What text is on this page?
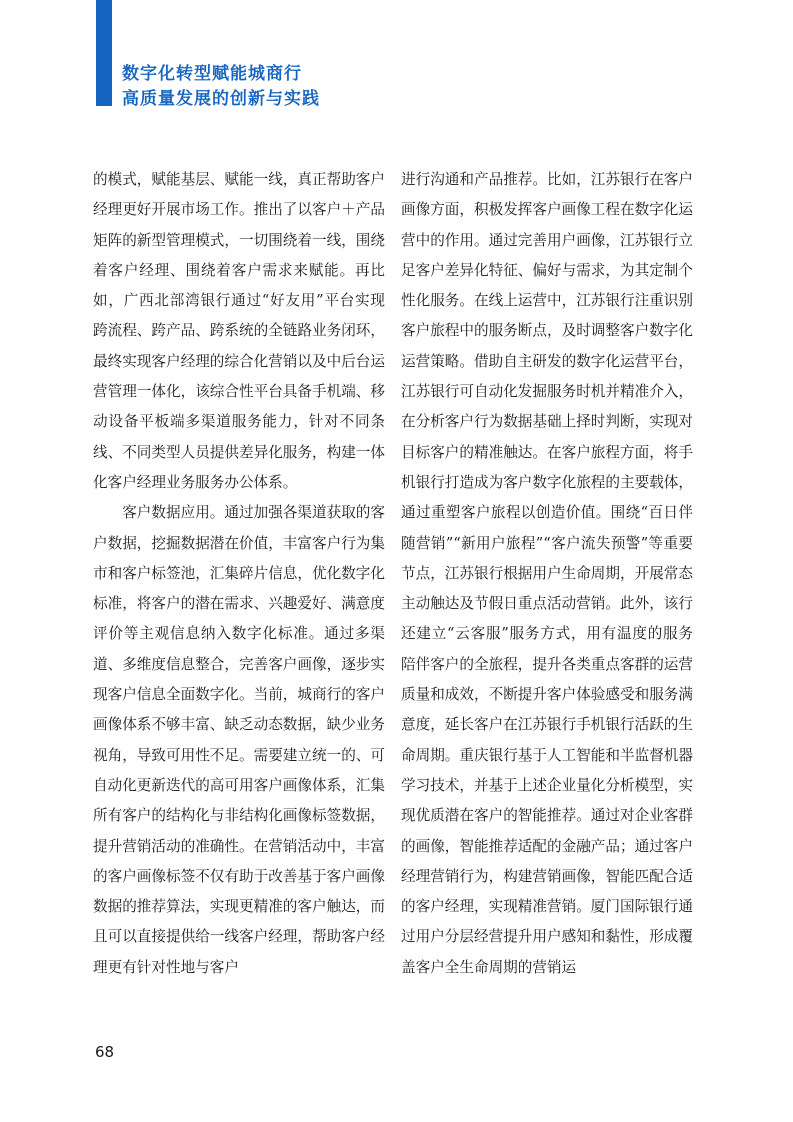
数字化转型赋能城商行
高质量发展的创新与实践

的模式，赋能基层、赋能一线，真正帮助客户经理更好开展市场工作。推出了以客户＋产品矩阵的新型管理模式，一切围绕着一线，围绕着客户经理、围绕着客户需求来赋能。再比如，广西北部湾银行通过“好友用”平台实现跨流程、跨产品、跨系统的全链路业务闭环，最终实现客户经理的综合化营销以及中后台运营管理一体化，该综合性平台具备手机端、移动设备平板端多渠道服务能力，针对不同条线、不同类型人员提供差异化服务，构建一体化客户经理业务服务办公体系。

客户数据应用。通过加强各渠道获取的客户数据，挖掘数据潜在价值，丰富客户行为集市和客户标签池，汇集碎片信息，优化数字化标准，将客户的潜在需求、兴趣爱好、满意度评价等主观信息纳入数字化标准。通过多渠道、多维度信息整合，完善客户画像，逐步实现客户信息全面数字化。当前，城商行的客户画像体系不够丰富、缺乏动态数据，缺少业务视角，导致可用性不足。需要建立统一的、可自动化更新迭代的高可用客户画像体系，汇集所有客户的结构化与非结构化画像标签数据，提升营销活动的准确性。在营销活动中，丰富的客户画像标签不仅有助于改善基于客户画像数据的推荐算法，实现更精准的客户触达，而且可以直接提供给一线客户经理，帮助客户经理更有针对性地与客户

进行沟通和产品推荐。比如，江苏银行在客户画像方面，积极发挥客户画像工程在数字化运营中的作用。通过完善用户画像，江苏银行立足客户差异化特征、偏好与需求，为其定制个性化服务。在线上运营中，江苏银行注重识别客户旅程中的服务断点，及时调整客户数字化运营策略。借助自主研发的数字化运营平台，江苏银行可自动化发掘服务时机并精准介入，在分析客户行为数据基础上择时判断，实现对目标客户的精准触达。在客户旅程方面，将手机银行打造成为客户数字化旅程的主要载体，通过重塑客户旅程以创造价值。围绕“百日伴随营销”“新用户旅程”“客户流失预警”等重要节点，江苏银行根据用户生命周期，开展常态主动触达及节假日重点活动营销。此外，该行还建立“云客服”服务方式，用有温度的服务陪伴客户的全旅程，提升各类重点客群的运营质量和成效，不断提升客户体验感受和服务满意度，延长客户在江苏银行手机银行活跃的生命周期。重庆银行基于人工智能和半监督机器学习技术，并基于上述企业量化分析模型，实现优质潜在客户的智能推荐。通过对企业客群的画像，智能推荐适配的金融产品；通过客户经理营销行为，构建营销画像，智能匹配合适的客户经理，实现精准营销。厦门国际银行通过用户分层经营提升用户感知和黏性，形成覆盖客户全生命周期的营销运

68
